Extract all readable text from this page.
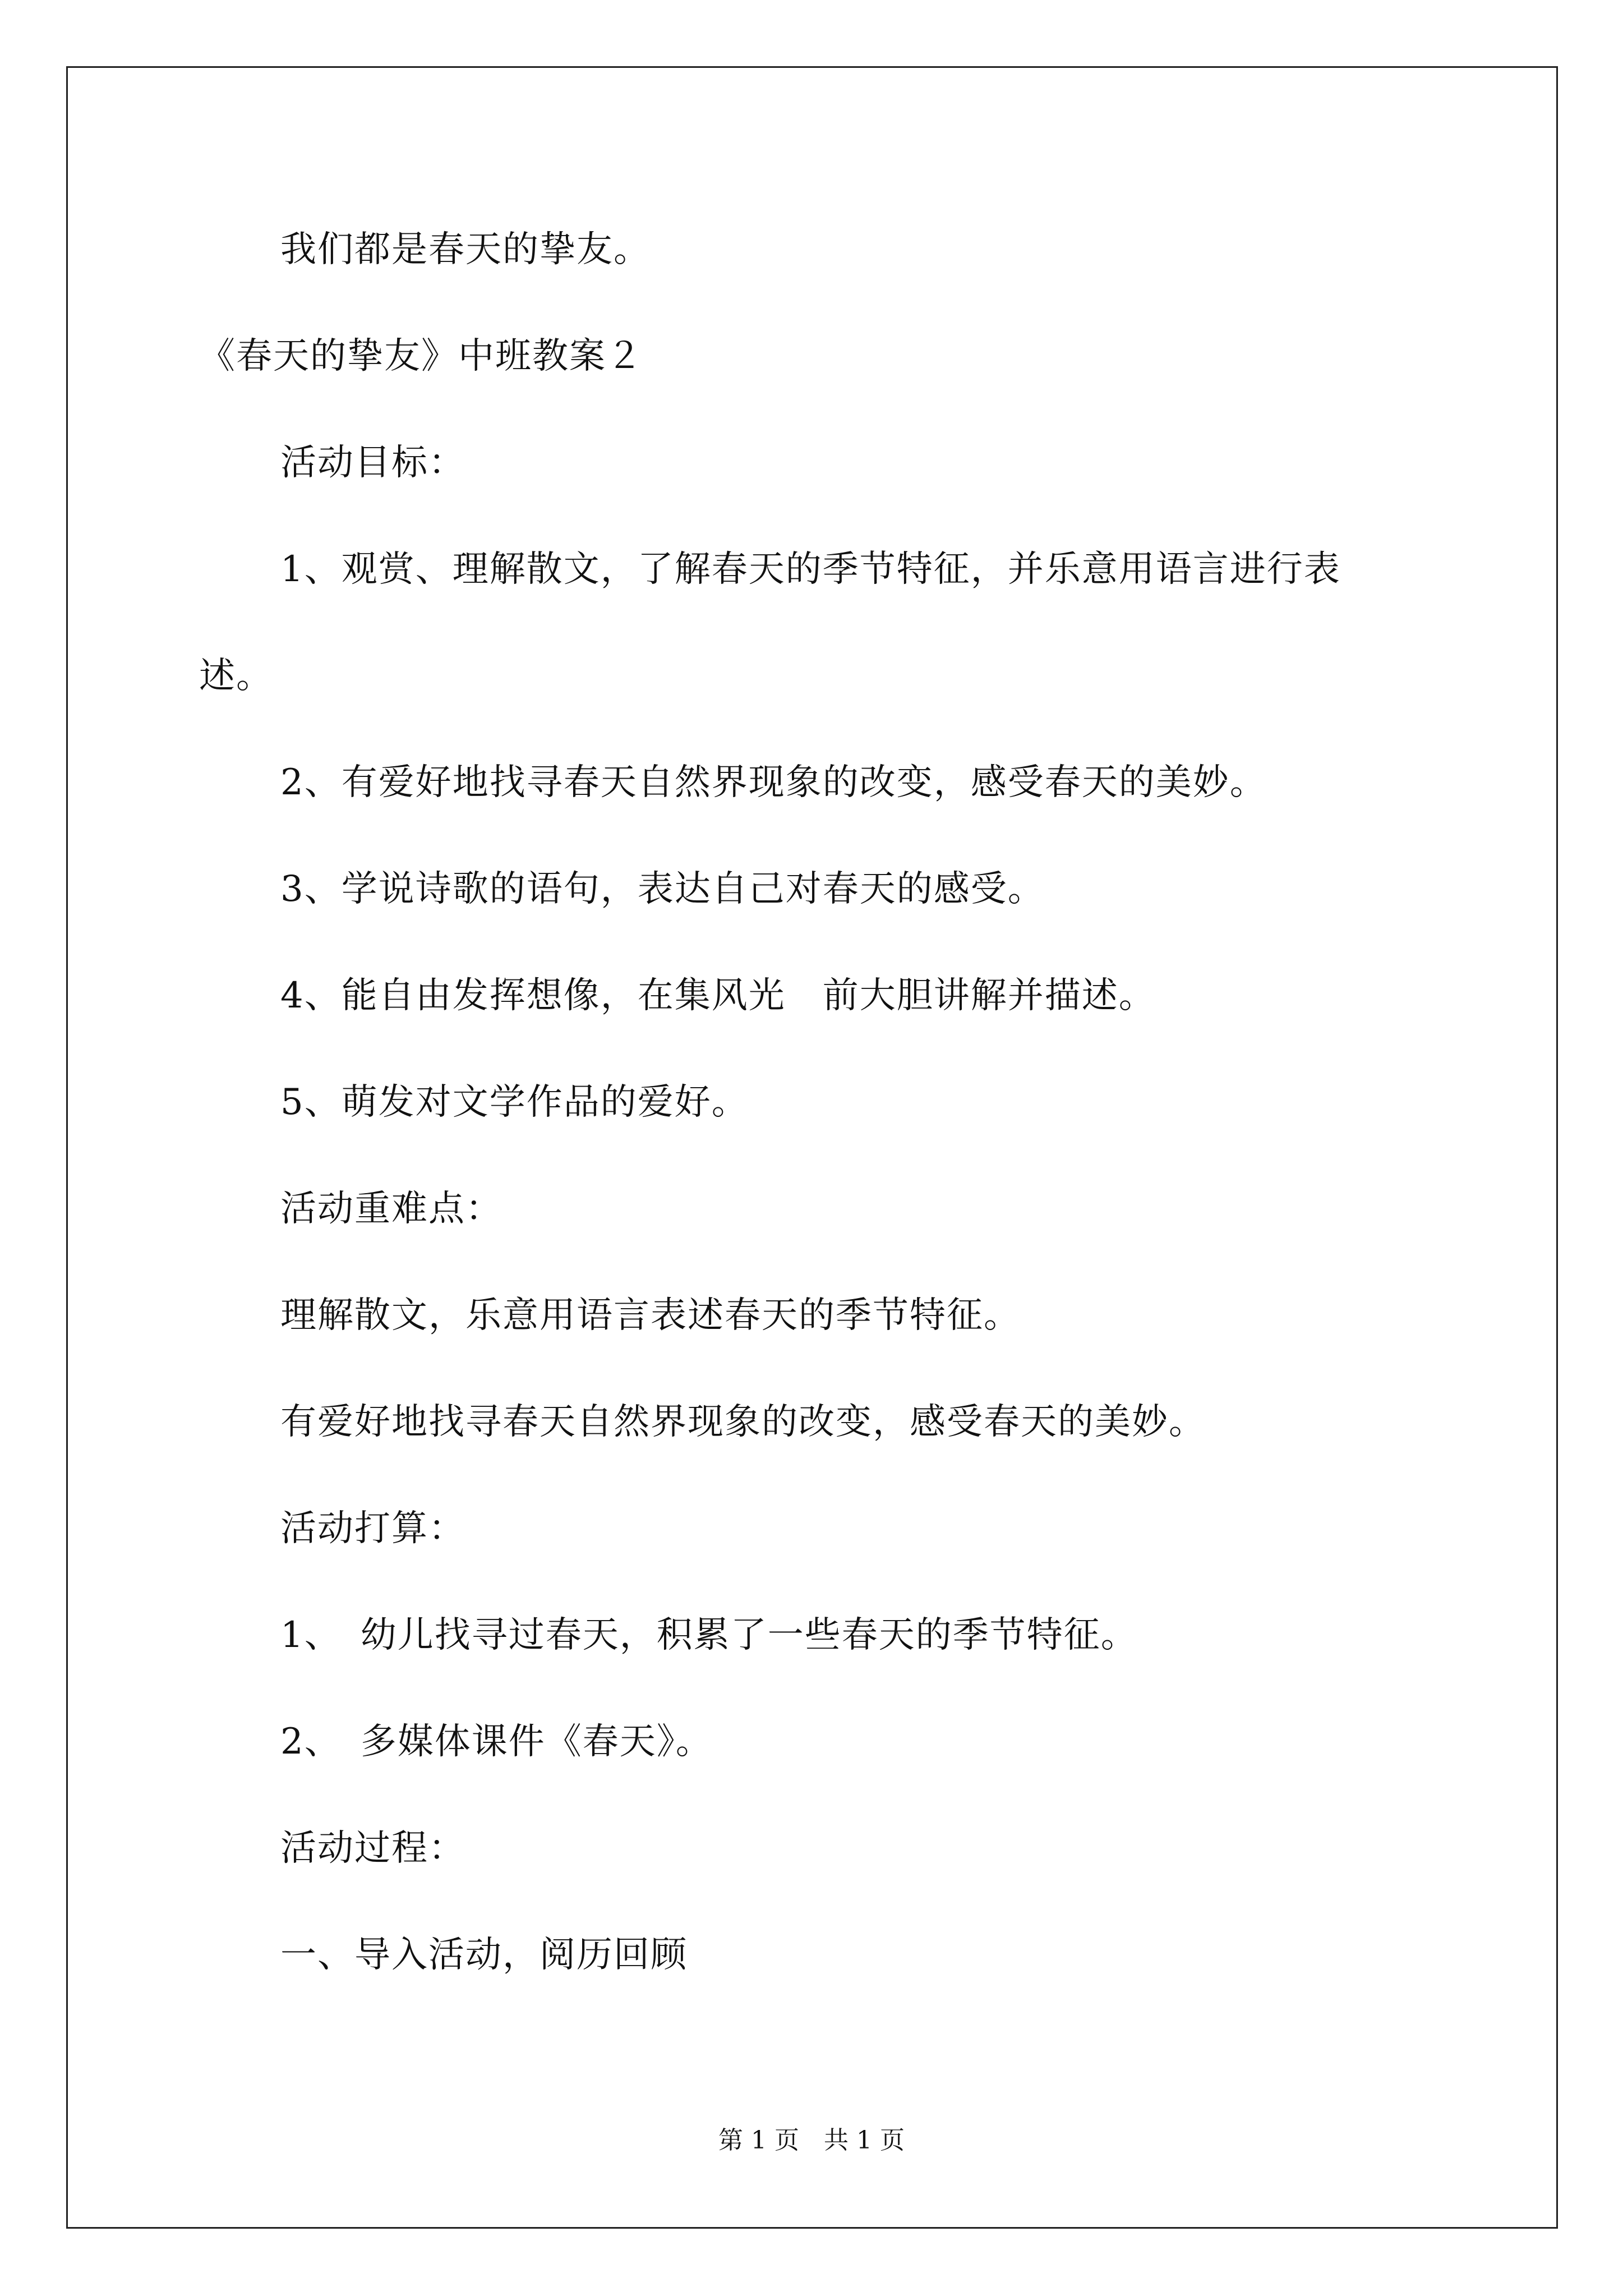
我们都是春天的挚友。
《春天的挚友》中班教案２
活动目标：
1、观赏、理解散文，了解春天的季节特征，并乐意用语言进行表
述。
2、有爱好地找寻春天自然界现象的改变，感受春天的美妙。
3、学说诗歌的语句，表达自己对春天的感受。
4、能自由发挥想像，在集风光　前大胆讲解并描述。
5、萌发对文学作品的爱好。
活动重难点：
理解散文，乐意用语言表述春天的季节特征。
有爱好地找寻春天自然界现象的改变，感受春天的美妙。
活动打算：
1、　幼儿找寻过春天，积累了一些春天的季节特征。
2、　多媒体课件《春天》。
活动过程：
一、导入活动，阅历回顾
第 1 页　共 1 页
